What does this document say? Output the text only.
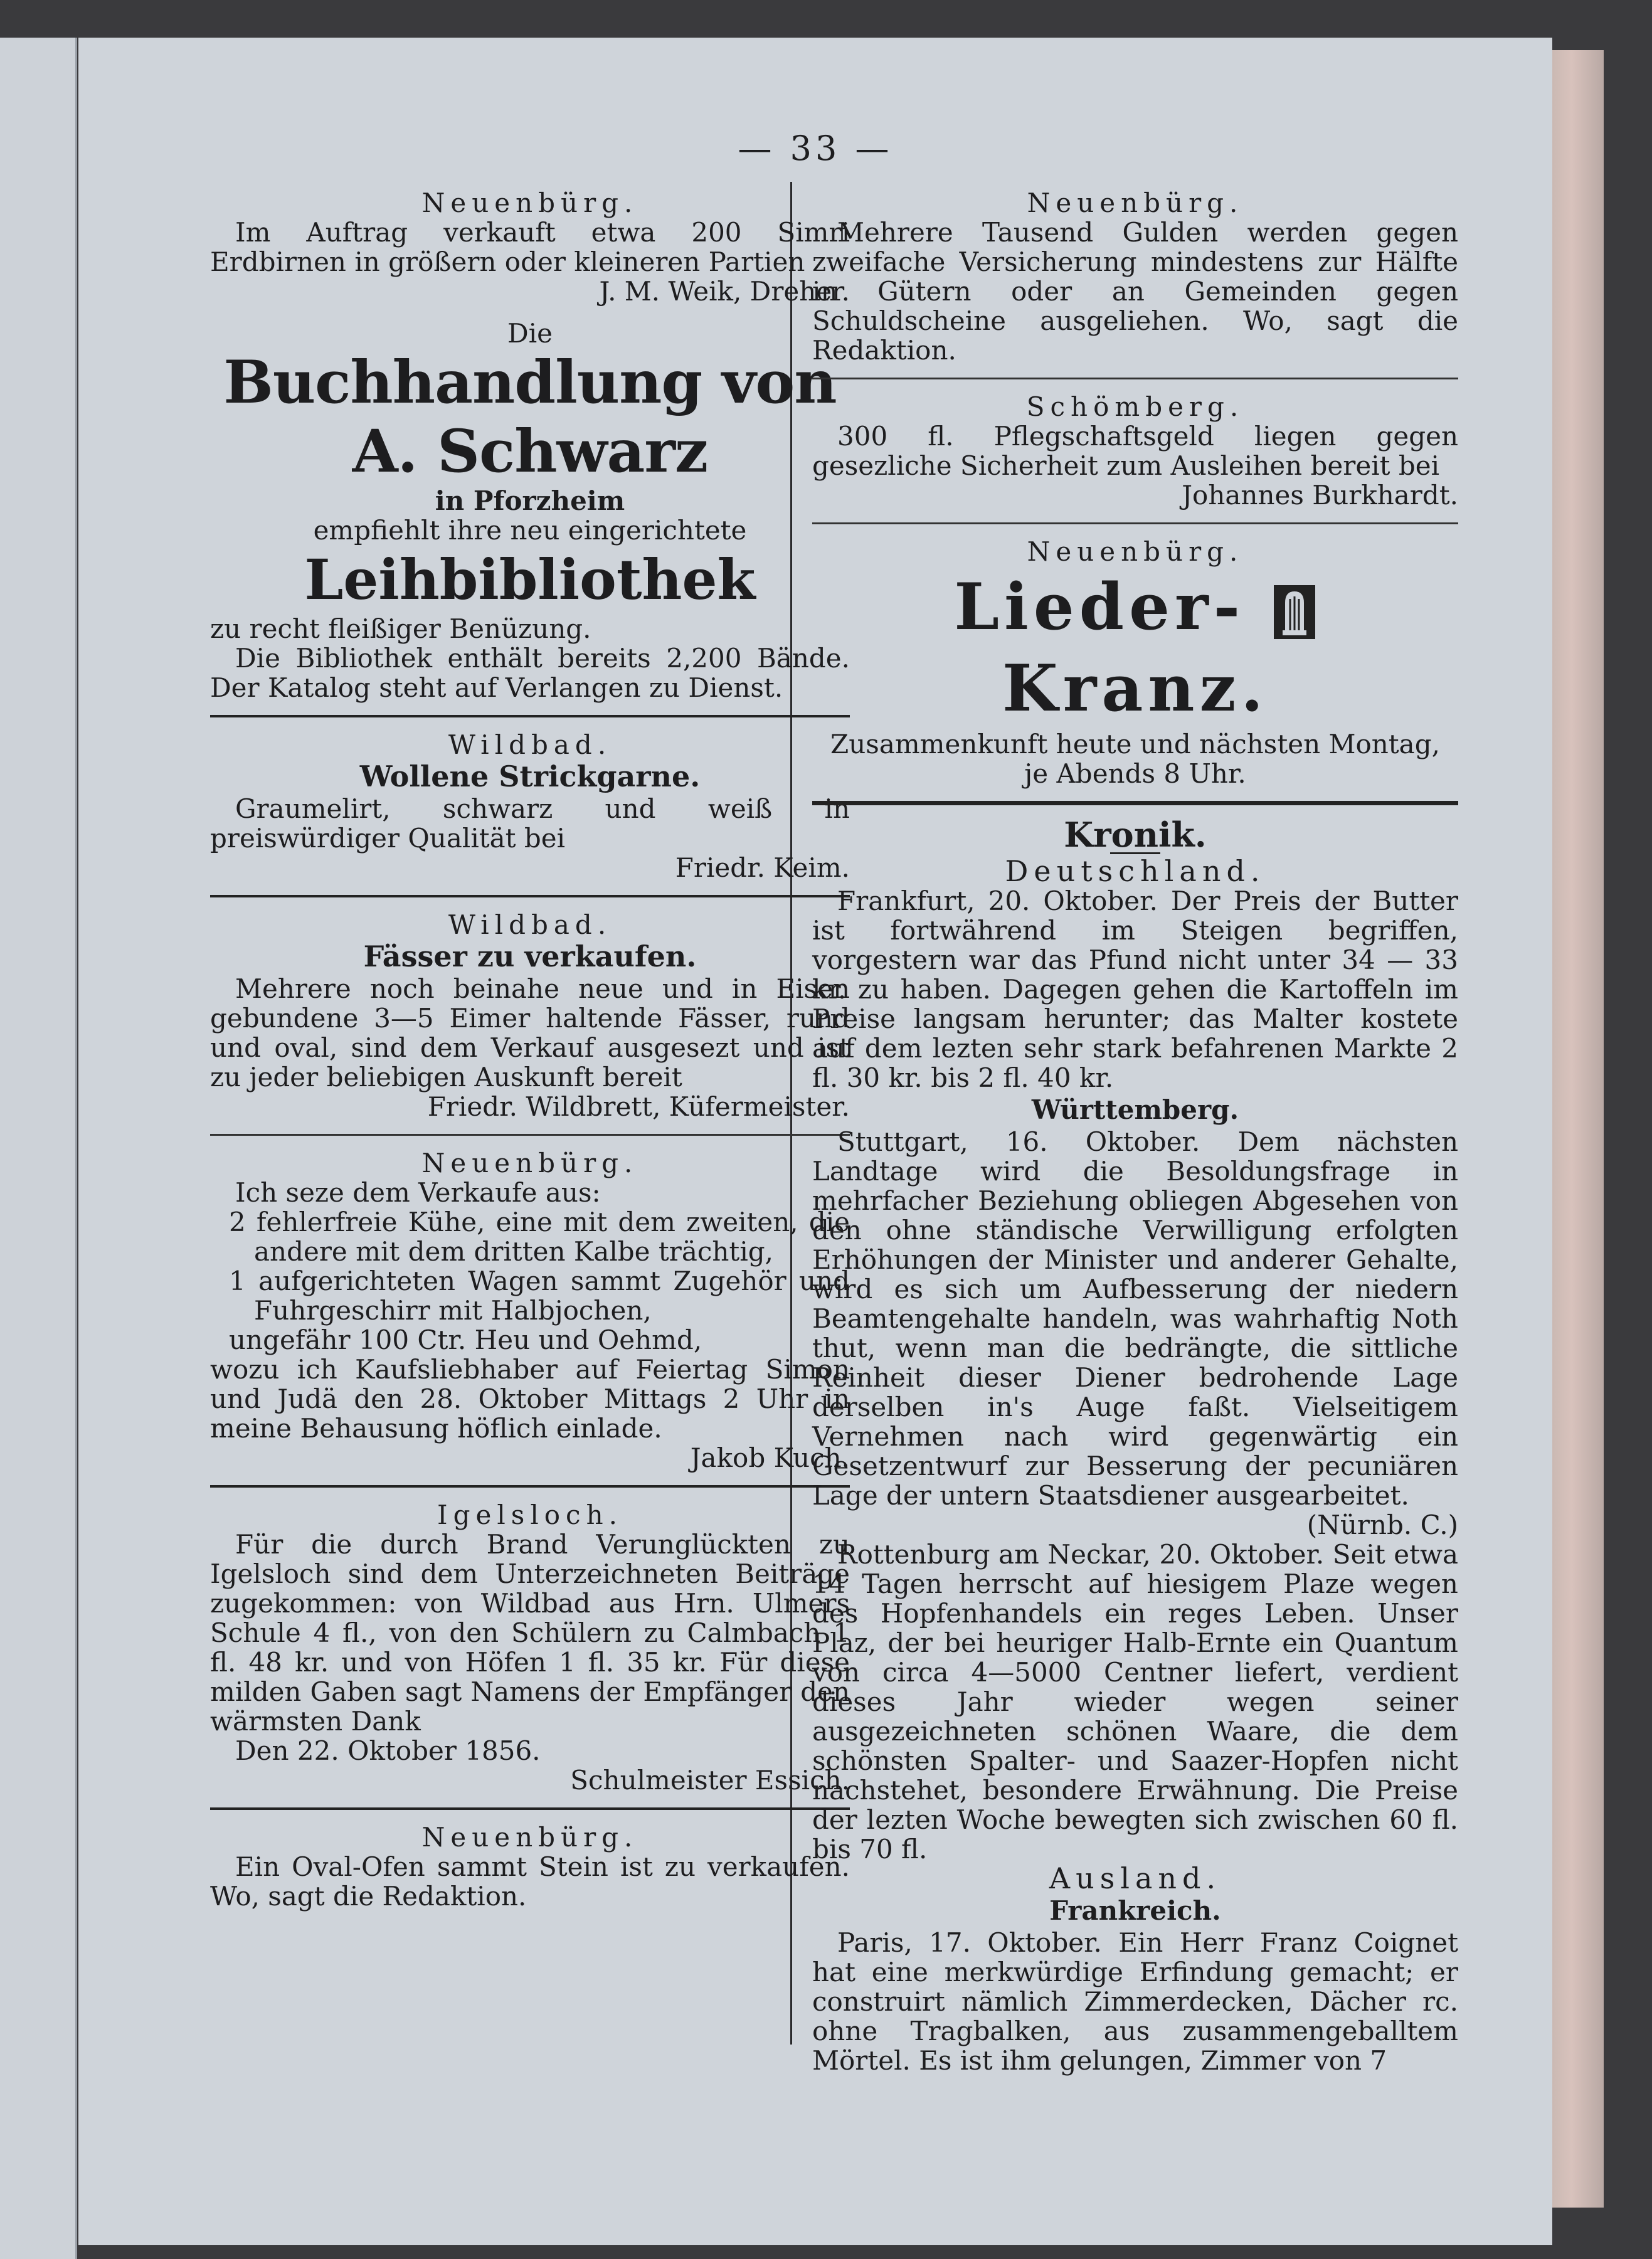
— 33 —
Neuenbürg.

Im Auftrag verkauft etwa 200 Simri Erdbirnen in größern oder kleineren Partien

J. M. Weik, Dreher.

Die
Buchhandlung von A. Schwarz
in Pforzheim
empfiehlt ihre neu eingerichtete
Leihbibliothek

zu recht fleißiger Benüzung.

Die Bibliothek enthält bereits 2,200 Bände. Der Katalog steht auf Verlangen zu Dienst.

Wildbad.
Wollene Strickgarne.

Graumelirt, schwarz und weiß in preiswürdiger Qualität bei

Friedr. Keim.

Wildbad.
Fässer zu verkaufen.

Mehrere noch beinahe neue und in Eisen gebundene 3—5 Eimer haltende Fässer, rund und oval, sind dem Verkauf ausgesezt und ist zu jeder beliebigen Auskunft bereit

Friedr. Wildbrett, Küfermeister.

Neuenbürg.

Ich seze dem Verkaufe aus:

2 fehlerfreie Kühe, eine mit dem zweiten, die andere mit dem dritten Kalbe trächtig,

1 aufgerichteten Wagen sammt Zugehör und Fuhrgeschirr mit Halbjochen,

ungefähr 100 Ctr. Heu und Oehmd,

wozu ich Kaufsliebhaber auf Feiertag Simon und Judä den 28. Oktober Mittags 2 Uhr in meine Behausung höflich einlade.

Jakob Kuch.

Igelsloch.

Für die durch Brand Verunglückten zu Igelsloch sind dem Unterzeichneten Beiträge zugekommen: von Wildbad aus Hrn. Ulmers Schule 4 fl., von den Schülern zu Calmbach 1 fl. 48 kr. und von Höfen 1 fl. 35 kr. Für diese milden Gaben sagt Namens der Empfänger den wärmsten Dank

Den 22. Oktober 1856.

Schulmeister Essich.

Neuenbürg.

Ein Oval-Ofen sammt Stein ist zu verkaufen. Wo, sagt die Redaktion.

Neuenbürg.

Mehrere Tausend Gulden werden gegen zweifache Versicherung mindestens zur Hälfte in Gütern oder an Gemeinden gegen Schuldscheine ausgeliehen. Wo, sagt die Redaktion.

Schömberg.

300 fl. Pflegschaftsgeld liegen gegen gesezliche Sicherheit zum Ausleihen bereit bei

Johannes Burkhardt.

Neuenbürg.
Lieder-  Kranz.

Zusammenkunft heute und nächsten Montag,

je Abends 8 Uhr.

Kronik.
Deutschland.

Frankfurt, 20. Oktober. Der Preis der Butter ist fortwährend im Steigen begriffen, vorgestern war das Pfund nicht unter 34 — 33 kr. zu haben. Dagegen gehen die Kartoffeln im Preise langsam herunter; das Malter kostete auf dem lezten sehr stark befahrenen Markte 2 fl. 30 kr. bis 2 fl. 40 kr.

Württemberg.

Stuttgart, 16. Oktober. Dem nächsten Landtage wird die Besoldungsfrage in mehrfacher Beziehung obliegen Abgesehen von den ohne ständische Verwilligung erfolgten Erhöhungen der Minister und anderer Gehalte, wird es sich um Aufbesserung der niedern Beamtengehalte handeln, was wahrhaftig Noth thut, wenn man die bedrängte, die sittliche Reinheit dieser Diener bedrohende Lage derselben in's Auge faßt. Vielseitigem Vernehmen nach wird gegenwärtig ein Gesetzentwurf zur Besserung der pecuniären Lage der untern Staatsdiener ausgearbeitet.

(Nürnb. C.)

Rottenburg am Neckar, 20. Oktober. Seit etwa 14 Tagen herrscht auf hiesigem Plaze wegen des Hopfenhandels ein reges Leben. Unser Plaz, der bei heuriger Halb-Ernte ein Quantum von circa 4—5000 Centner liefert, verdient dieses Jahr wieder wegen seiner ausgezeichneten schönen Waare, die dem schönsten Spalter- und Saazer-Hopfen nicht nachstehet, besondere Erwähnung. Die Preise der lezten Woche bewegten sich zwischen 60 fl. bis 70 fl.

Ausland.
Frankreich.

Paris, 17. Oktober. Ein Herr Franz Coignet hat eine merkwürdige Erfindung gemacht; er construirt nämlich Zimmerdecken, Dächer rc. ohne Tragbalken, aus zusammengeballtem Mörtel. Es ist ihm gelungen, Zimmer von 7
